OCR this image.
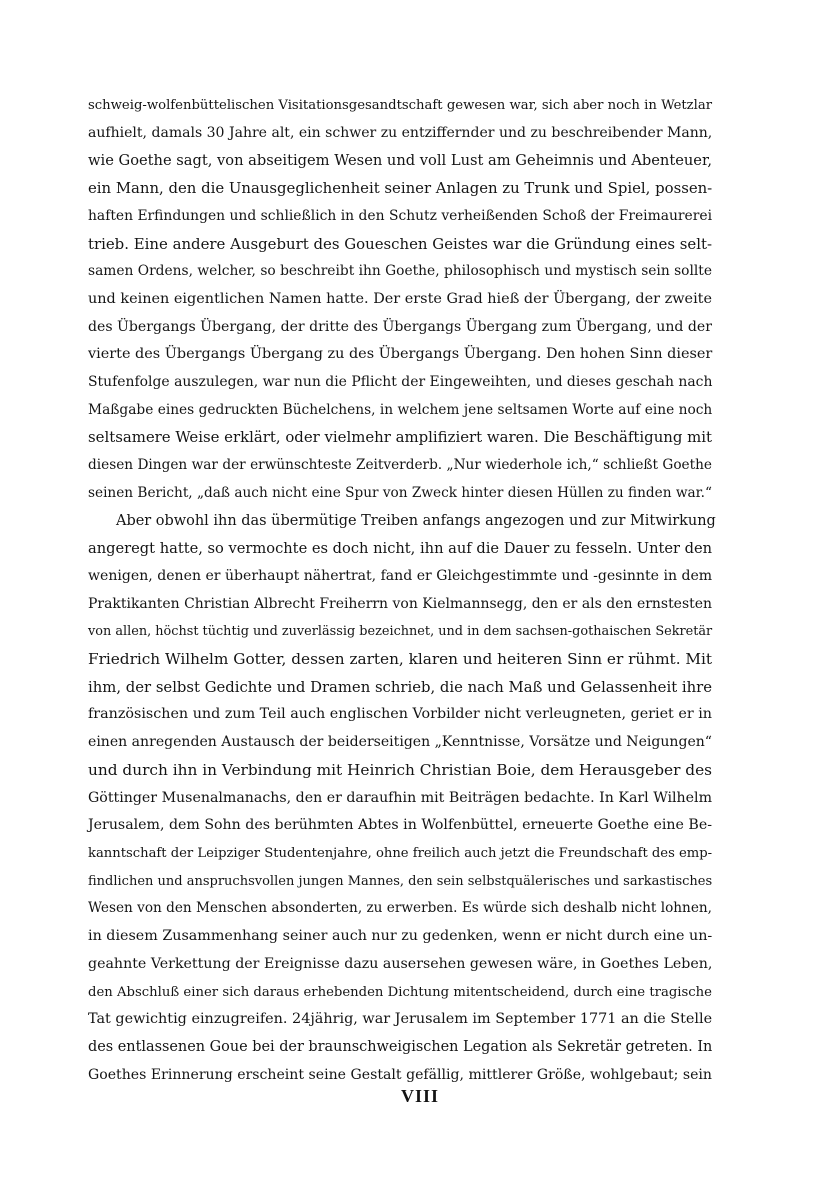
schweig-wolfenbüttelischen Visitationsgesandtschaft gewesen war, sich aber noch in Wetzlar
aufhielt, damals 30 Jahre alt, ein schwer zu entziffernder und zu beschreibender Mann,
wie Goethe sagt, von abseitigem Wesen und voll Lust am Geheimnis und Abenteuer,
ein Mann, den die Unausgeglichenheit seiner Anlagen zu Trunk und Spiel, possen-
haften Erfindungen und schließlich in den Schutz verheißenden Schoß der Freimaurerei
trieb. Eine andere Ausgeburt des Goueschen Geistes war die Gründung eines selt-
samen Ordens, welcher, so beschreibt ihn Goethe, philosophisch und mystisch sein sollte
und keinen eigentlichen Namen hatte. Der erste Grad hieß der Übergang, der zweite
des Übergangs Übergang, der dritte des Übergangs Übergang zum Übergang, und der
vierte des Übergangs Übergang zu des Übergangs Übergang. Den hohen Sinn dieser
Stufenfolge auszulegen, war nun die Pflicht der Eingeweihten, und dieses geschah nach
Maßgabe eines gedruckten Büchelchens, in welchem jene seltsamen Worte auf eine noch
seltsamere Weise erklärt, oder vielmehr amplifiziert waren. Die Beschäftigung mit
diesen Dingen war der erwünschteste Zeitverderb. „Nur wiederhole ich,“ schließt Goethe
seinen Bericht, „daß auch nicht eine Spur von Zweck hinter diesen Hüllen zu finden war.“
Aber obwohl ihn das übermütige Treiben anfangs angezogen und zur Mitwirkung
angeregt hatte, so vermochte es doch nicht, ihn auf die Dauer zu fesseln. Unter den
wenigen, denen er überhaupt nähertrat, fand er Gleichgestimmte und -gesinnte in dem
Praktikanten Christian Albrecht Freiherrn von Kielmannsegg, den er als den ernstesten
von allen, höchst tüchtig und zuverlässig bezeichnet, und in dem sachsen-gothaischen Sekretär
Friedrich Wilhelm Gotter, dessen zarten, klaren und heiteren Sinn er rühmt. Mit
ihm, der selbst Gedichte und Dramen schrieb, die nach Maß und Gelassenheit ihre
französischen und zum Teil auch englischen Vorbilder nicht verleugneten, geriet er in
einen anregenden Austausch der beiderseitigen „Kenntnisse, Vorsätze und Neigungen“
und durch ihn in Verbindung mit Heinrich Christian Boie, dem Herausgeber des
Göttinger Musenalmanachs, den er daraufhin mit Beiträgen bedachte. In Karl Wilhelm
Jerusalem, dem Sohn des berühmten Abtes in Wolfenbüttel, erneuerte Goethe eine Be-
kanntschaft der Leipziger Studentenjahre, ohne freilich auch jetzt die Freundschaft des emp-
findlichen und anspruchsvollen jungen Mannes, den sein selbstquälerisches und sarkastisches
Wesen von den Menschen absonderten, zu erwerben. Es würde sich deshalb nicht lohnen,
in diesem Zusammenhang seiner auch nur zu gedenken, wenn er nicht durch eine un-
geahnte Verkettung der Ereignisse dazu ausersehen gewesen wäre, in Goethes Leben,
den Abschluß einer sich daraus erhebenden Dichtung mitentscheidend, durch eine tragische
Tat gewichtig einzugreifen. 24jährig, war Jerusalem im September 1771 an die Stelle
des entlassenen Goue bei der braunschweigischen Legation als Sekretär getreten. In
Goethes Erinnerung erscheint seine Gestalt gefällig, mittlerer Größe, wohlgebaut; sein
VIII
